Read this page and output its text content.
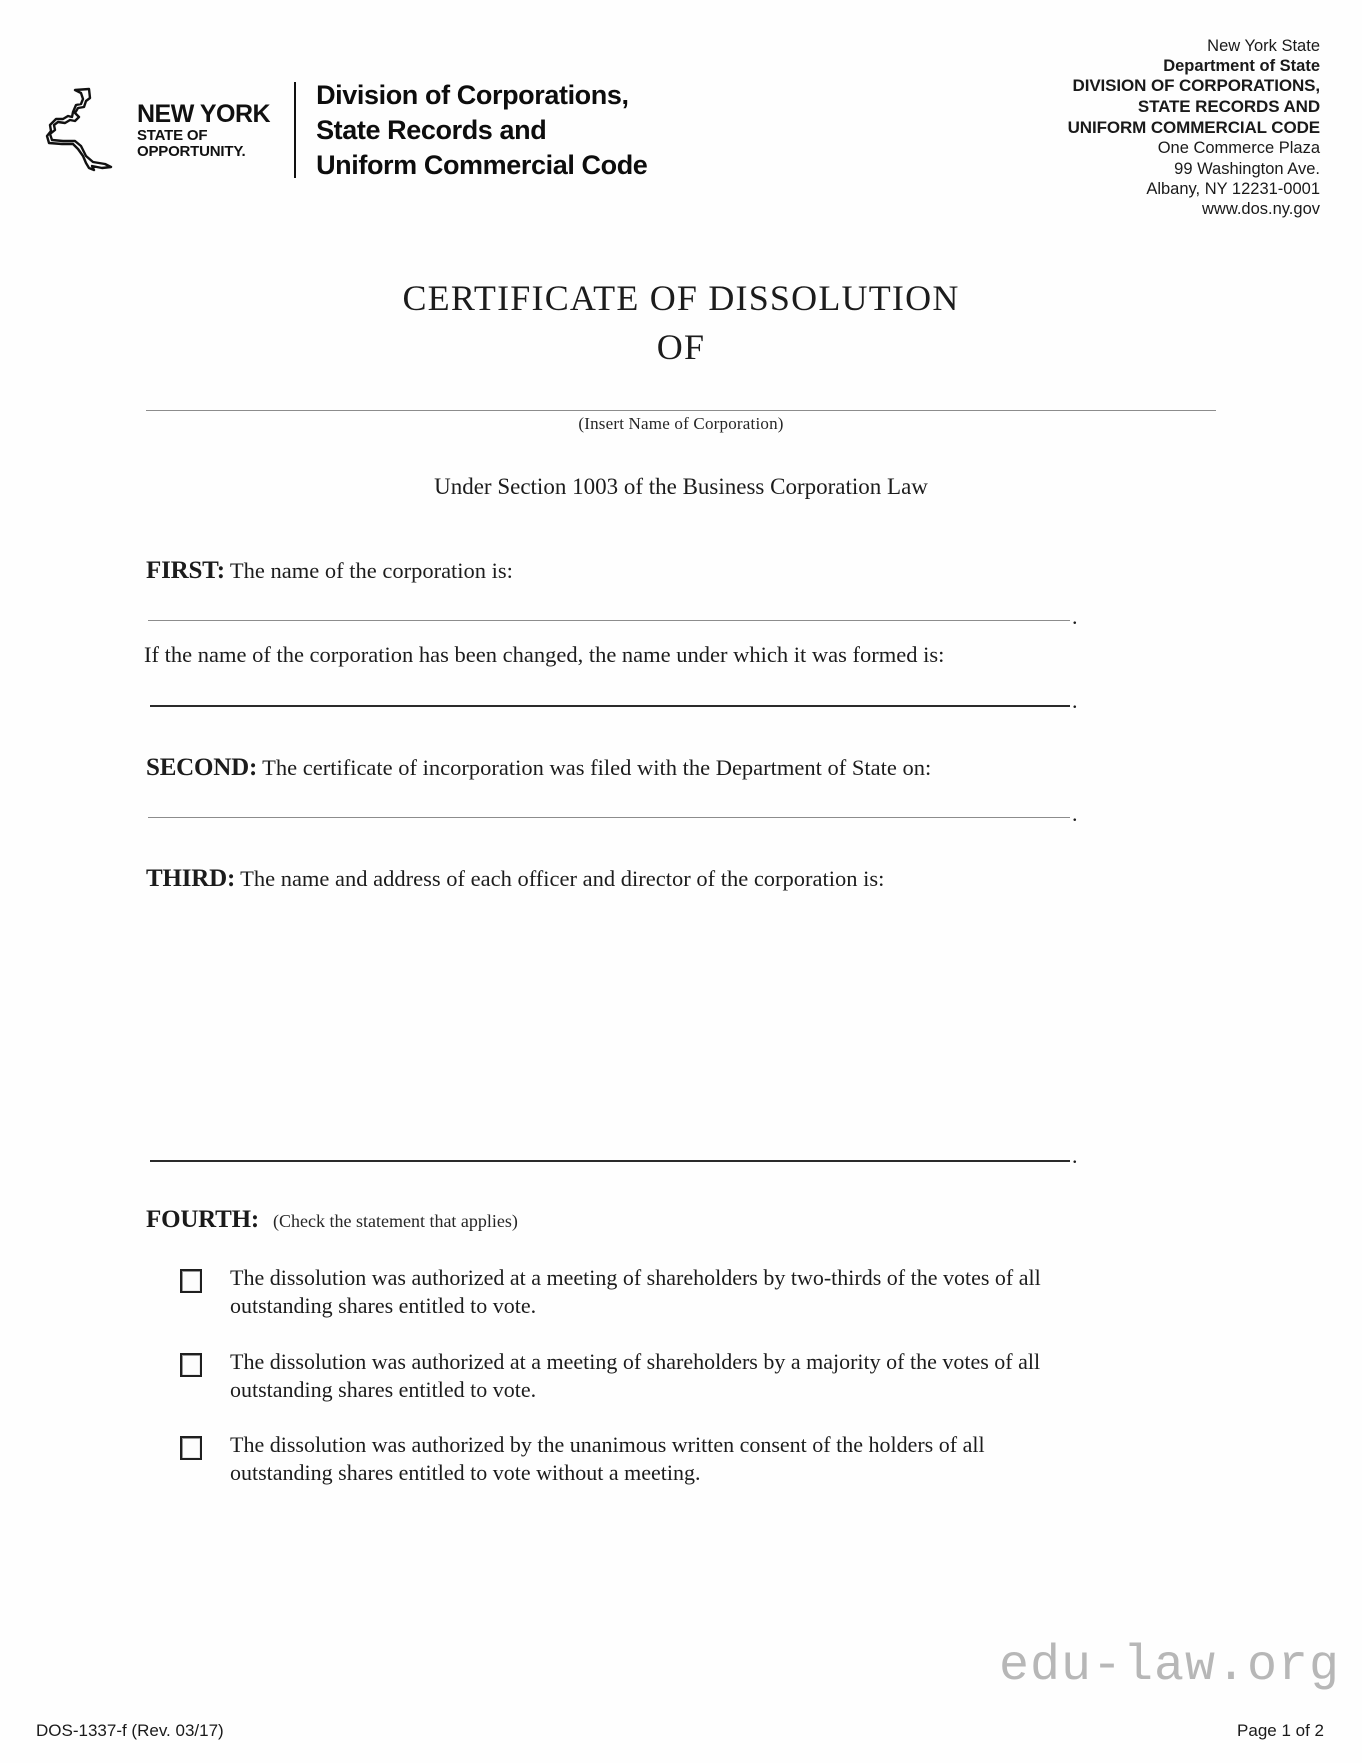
NEW YORK
STATE OF
OPPORTUNITY.
Division of Corporations,
State Records and
Uniform Commercial Code
New York State
Department of State
DIVISION OF CORPORATIONS,
STATE RECORDS AND
UNIFORM COMMERCIAL CODE
One Commerce Plaza
99 Washington Ave.
Albany, NY 12231-0001
www.dos.ny.gov
CERTIFICATE OF DISSOLUTION
OF
(Insert Name of Corporation)
Under Section 1003 of the Business Corporation Law
FIRST: The name of the corporation is:
.
If the name of the corporation has been changed, the name under which it was formed is:
.
SECOND: The certificate of incorporation was filed with the Department of State on:
.
THIRD: The name and address of each officer and director of the corporation is:
.
FOURTH: (Check the statement that applies)
The dissolution was authorized at a meeting of shareholders by two-thirds of the votes of all outstanding shares entitled to vote.
The dissolution was authorized at a meeting of shareholders by a majority of the votes of all outstanding shares entitled to vote.
The dissolution was authorized by the unanimous written consent of the holders of all outstanding shares entitled to vote without a meeting.
edu-law.org
DOS-1337-f (Rev. 03/17)	Page 1 of 2
